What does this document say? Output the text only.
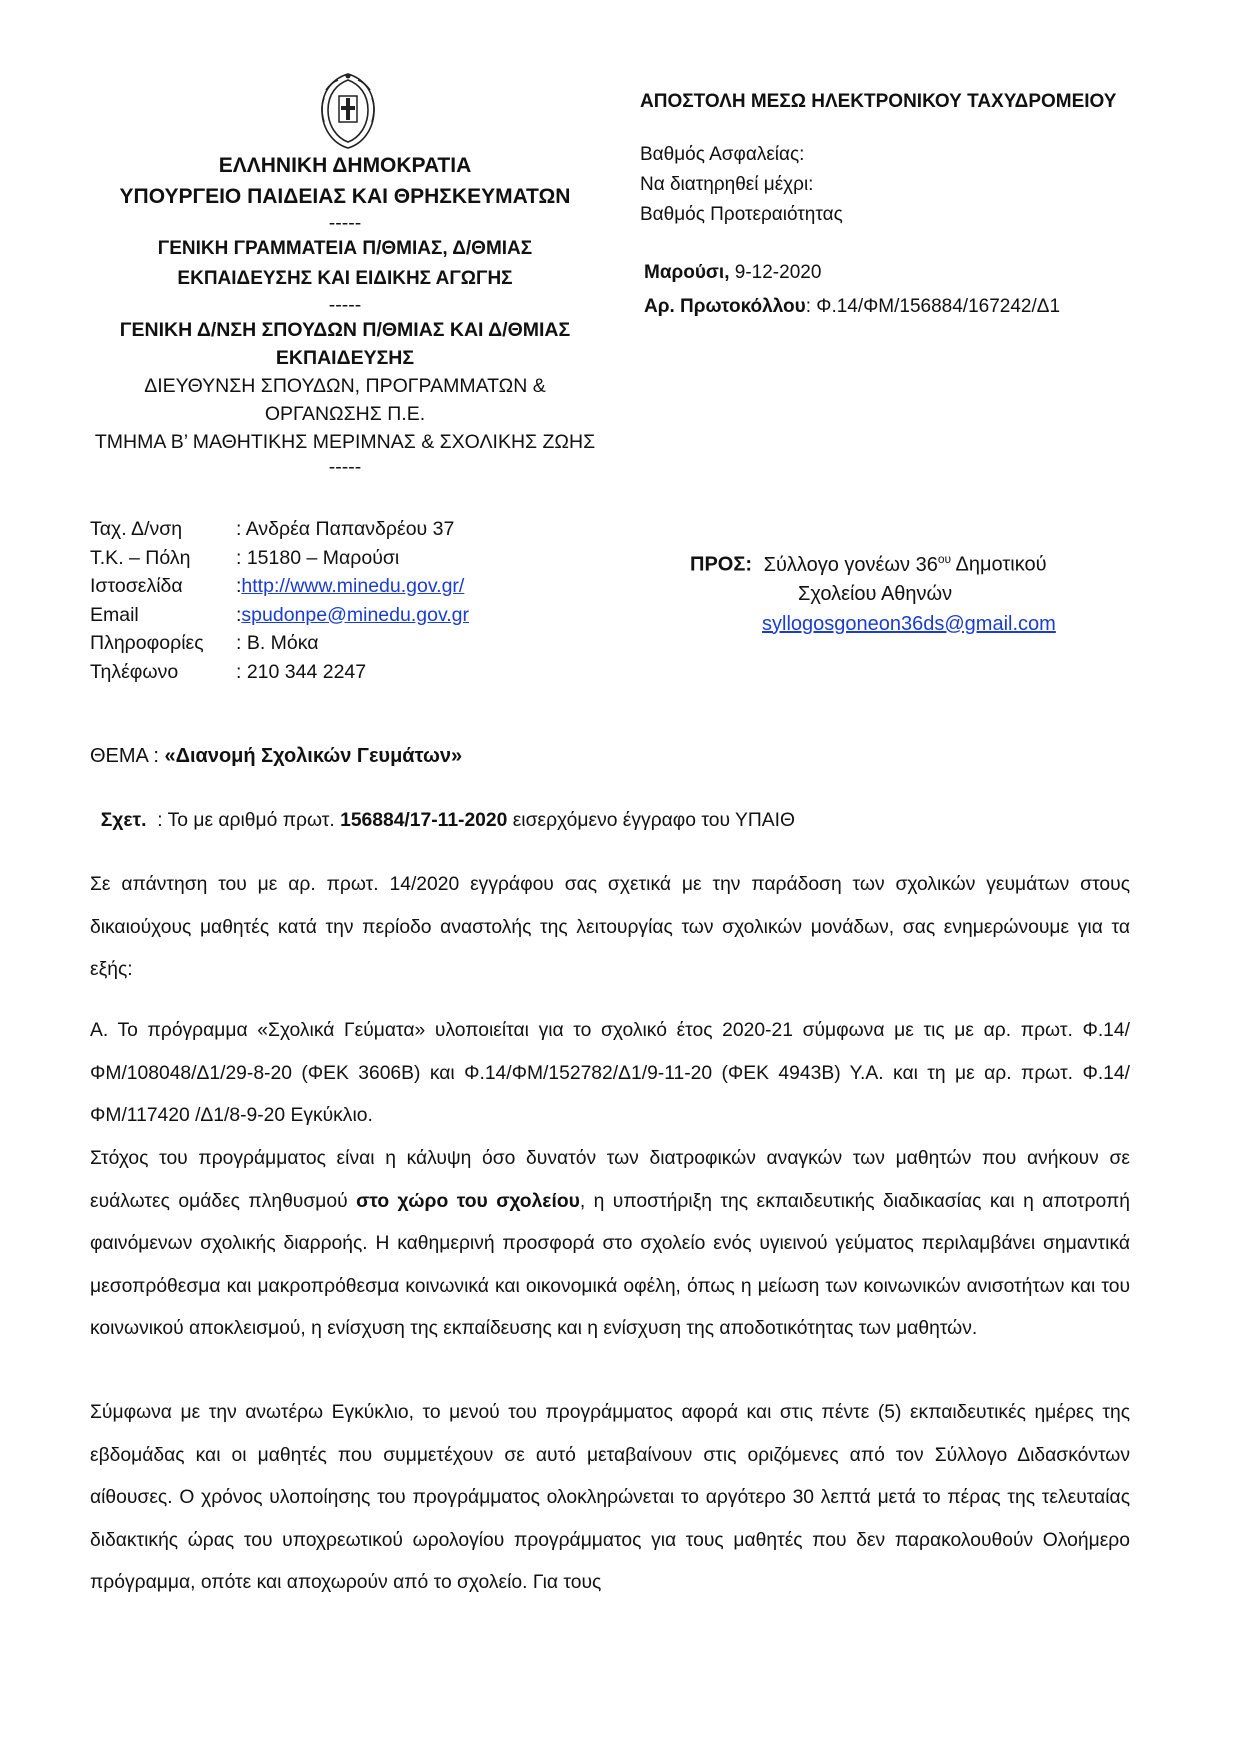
ΑΠΟΣΤΟΛΗ ΜΕΣΩ ΗΛΕΚΤΡΟΝΙΚΟΥ ΤΑΧΥΔΡΟΜΕΙΟΥ
Βαθμός Ασφαλείας:
Να διατηρηθεί μέχρι:
Βαθμός Προτεραιότητας
Μαρούσι, 9-12-2020
Αρ. Πρωτοκόλλου: Φ.14/ΦΜ/156884/167242/Δ1
ΕΛΛΗΝΙΚΗ ΔΗΜΟΚΡΑΤΙΑ
ΥΠΟΥΡΓΕΙΟ ΠΑΙΔΕΙΑΣ ΚΑΙ ΘΡΗΣΚΕΥΜΑΤΩΝ
-----
ΓΕΝΙΚΗ ΓΡΑΜΜΑΤΕΙΑ Π/ΘΜΙΑΣ, Δ/ΘΜΙΑΣ
ΕΚΠΑΙΔΕΥΣΗΣ ΚΑΙ ΕΙΔΙΚΗΣ ΑΓΩΓΗΣ
-----
ΓΕΝΙΚΗ Δ/ΝΣΗ ΣΠΟΥΔΩΝ Π/ΘΜΙΑΣ ΚΑΙ Δ/ΘΜΙΑΣ
ΕΚΠΑΙΔΕΥΣΗΣ
ΔΙΕΥΘΥΝΣΗ ΣΠΟΥΔΩΝ, ΠΡΟΓΡΑΜΜΑΤΩΝ &
ΟΡΓΑΝΩΣΗΣ Π.Ε.
ΤΜΗΜΑ Β’ ΜΑΘΗΤΙΚΗΣ ΜΕΡΙΜΝΑΣ & ΣΧΟΛΙΚΗΣ ΖΩΗΣ
-----
Ταχ. Δ/νση	: Ανδρέα Παπανδρέου 37
Τ.Κ. – Πόλη	: 15180 – Μαρούσι
Ιστοσελίδα	: http://www.minedu.gov.gr/
Email	: spudonpe@minedu.gov.gr
Πληροφορίες	: Β. Μόκα
Τηλέφωνο	: 210 344 2247
ΠΡΟΣ: Σύλλογο γονέων $36^{o\upsilon}$ Δημοτικού
Σχολείου Αθηνών
syllogosgoneon36ds@gmail.com
ΘΕΜΑ : «Διανομή Σχολικών Γευμάτων»

Σχετ.  : Το με αριθμό πρωτ. 156884/17-11-2020 εισερχόμενο έγγραφο του ΥΠΑΙΘ

Σε απάντηση του με αρ. πρωτ. 14/2020 εγγράφου σας σχετικά με την παράδοση των σχολικών γευμάτων στους δικαιούχους μαθητές κατά την περίοδο αναστολής της λειτουργίας των σχολικών μονάδων, σας ενημερώνουμε για τα εξής:

Α. Το πρόγραμμα «Σχολικά Γεύματα» υλοποιείται για το σχολικό έτος 2020-21 σύμφωνα με τις με αρ. πρωτ. Φ.14/ΦΜ/108048/Δ1/29-8-20 (ΦΕΚ 3606Β) και Φ.14/ΦΜ/152782/Δ1/9-11-20 (ΦΕΚ 4943Β) Υ.Α. και τη με αρ. πρωτ. Φ.14/ΦΜ/117420 /Δ1/8-9-20 Εγκύκλιο.

Στόχος του προγράμματος είναι η κάλυψη όσο δυνατόν των διατροφικών αναγκών των μαθητών που ανήκουν σε ευάλωτες ομάδες πληθυσμού στο χώρο του σχολείου, η υποστήριξη της εκπαιδευτικής διαδικασίας και η αποτροπή φαινόμενων σχολικής διαρροής. Η καθημερινή προσφορά στο σχολείο ενός υγιεινού γεύματος περιλαμβάνει σημαντικά μεσοπρόθεσμα και μακροπρόθεσμα κοινωνικά και οικονομικά οφέλη, όπως η μείωση των κοινωνικών ανισοτήτων και του κοινωνικού αποκλεισμού, η ενίσχυση της εκπαίδευσης και η ενίσχυση της αποδοτικότητας των μαθητών.

Σύμφωνα με την ανωτέρω Εγκύκλιο, το μενού του προγράμματος αφορά και στις πέντε (5) εκπαιδευτικές ημέρες της εβδομάδας και οι μαθητές που συμμετέχουν σε αυτό μεταβαίνουν στις οριζόμενες από τον Σύλλογο Διδασκόντων αίθουσες. Ο χρόνος υλοποίησης του προγράμματος ολοκληρώνεται το αργότερο 30 λεπτά μετά το πέρας της τελευταίας διδακτικής ώρας του υποχρεωτικού ωρολογίου προγράμματος για τους μαθητές που δεν παρακολουθούν Ολοήμερο πρόγραμμα, οπότε και αποχωρούν από το σχολείο. Για τους
